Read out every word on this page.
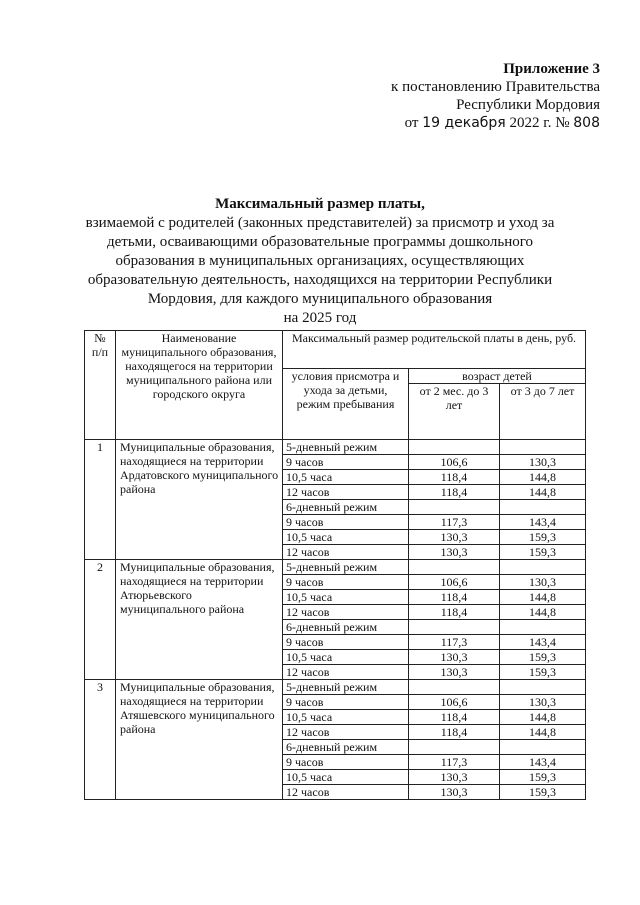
Приложение 3
к постановлению Правительства
Республики Мордовия
от 19 декабря 2022 г. № 808
Максимальный размер платы,
взимаемой с родителей (законных представителей) за присмотр и уход за детьми, осваивающими образовательные программы дошкольного образования в муниципальных организациях, осуществляющих образовательную деятельность, находящихся на территории Республики Мордовия, для каждого муниципального образования
на 2025 год
№ п/п	Наименование муниципального образования, находящегося на территории муниципального района или городского округа	Максимальный размер родительской платы в день, руб.		
		условия присмотра и ухода за детьми, режим пребывания	возраст детей	
			от 2 мес. до 3 лет	от 3 до 7 лет
1	Муниципальные образования, находящиеся на территории Ардатовского муниципального района	5-дневный режим		
		9 часов	106,6	130,3
		10,5 часа	118,4	144,8
		12 часов	118,4	144,8
		6-дневный режим		
		9 часов	117,3	143,4
		10,5 часа	130,3	159,3
		12 часов	130,3	159,3
2	Муниципальные образования, находящиеся на территории Атюрьевского муниципального района	5-дневный режим		
		9 часов	106,6	130,3
		10,5 часа	118,4	144,8
		12 часов	118,4	144,8
		6-дневный режим		
		9 часов	117,3	143,4
		10,5 часа	130,3	159,3
		12 часов	130,3	159,3
3	Муниципальные образования, находящиеся на территории Атяшевского муниципального района	5-дневный режим		
		9 часов	106,6	130,3
		10,5 часа	118,4	144,8
		12 часов	118,4	144,8
		6-дневный режим		
		9 часов	117,3	143,4
		10,5 часа	130,3	159,3
		12 часов	130,3	159,3
